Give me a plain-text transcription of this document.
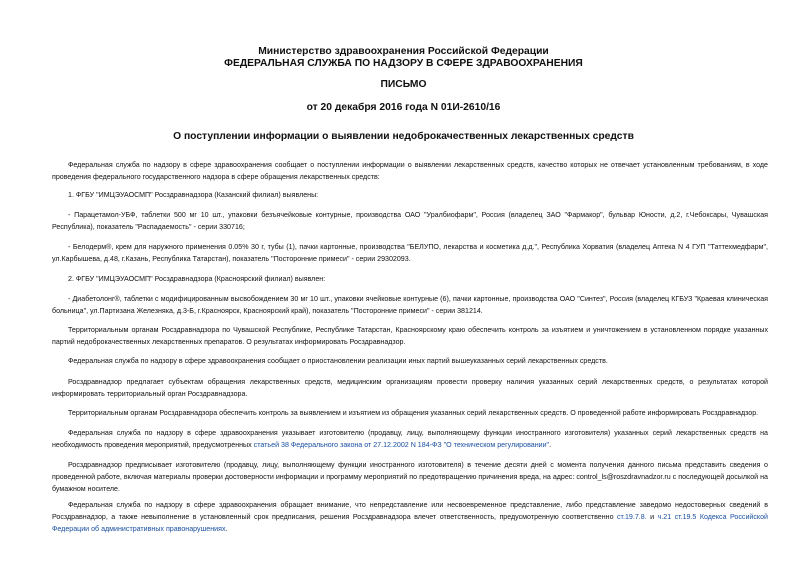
Министерство здравоохранения Российской Федерации
ФЕДЕРАЛЬНАЯ СЛУЖБА ПО НАДЗОРУ В СФЕРЕ ЗДРАВООХРАНЕНИЯ
ПИСЬМО
от 20 декабря 2016 года N 01И-2610/16
О поступлении информации о выявлении недоброкачественных лекарственных средств
Федеральная служба по надзору в сфере здравоохранения сообщает о поступлении информации о выявлении лекарственных средств, качество которых не отвечает установленным требованиям, в ходе проведения федерального государственного надзора в сфере обращения лекарственных средств:
1. ФГБУ "ИМЦЭУАОСМП" Росздравнадзора (Казанский филиал) выявлены:
- Парацетамол-УБФ, таблетки 500 мг 10 шт., упаковки безъячейковые контурные, производства ОАО "Уралбиофарм", Россия (владелец ЗАО "Фармакор", бульвар Юности, д.2, г.Чебоксары, Чувашская Республика), показатель "Распадаемость" - серии 330716;
- Белодерм®, крем для наружного применения 0.05% 30 г, тубы (1), пачки картонные, производства "БЕЛУПО, лекарства и косметика д.д.", Республика Хорватия (владелец Аптека N 4 ГУП "Таттехмедфарм", ул.Карбышева, д.48, г.Казань, Республика Татарстан), показатель "Посторонние примеси" - серии 29302093.
2. ФГБУ "ИМЦЭУАОСМП" Росздравнадзора (Красноярский филиал) выявлен:
- Диабетолонг®, таблетки с модифицированным высвобождением 30 мг 10 шт., упаковки ячейковые контурные (6), пачки картонные, производства ОАО "Синтез", Россия (владелец КГБУЗ "Краевая клиническая больница", ул.Партизана Железняка, д.3-Б, г.Красноярск, Красноярский край), показатель "Посторонние примеси" - серии 381214.
Территориальным органам Росздравнадзора по Чувашской Республике, Республике Татарстан, Красноярскому краю обеспечить контроль за изъятием и уничтожением в установленном порядке указанных партий недоброкачественных лекарственных препаратов. О результатах информировать Росздравнадзор.
Федеральная служба по надзору в сфере здравоохранения сообщает о приостановлении реализации иных партий вышеуказанных серий лекарственных средств.
Росздравнадзор предлагает субъектам обращения лекарственных средств, медицинским организациям провести проверку наличия указанных серий лекарственных средств, о результатах которой информировать территориальный орган Росздравнадзора.
Территориальным органам Росздравнадзора обеспечить контроль за выявлением и изъятием из обращения указанных серий лекарственных средств. О проведенной работе информировать Росздравнадзор.
Федеральная служба по надзору в сфере здравоохранения указывает изготовителю (продавцу, лицу, выполняющему функции иностранного изготовителя) указанных серий лекарственных средств на необходимость проведения мероприятий, предусмотренных статьей 38 Федерального закона от 27.12.2002 N 184-ФЗ "О техническом регулировании".
Росздравнадзор предписывает изготовителю (продавцу, лицу, выполняющему функции иностранного изготовителя) в течение десяти дней с момента получения данного письма представить сведения о проведенной работе, включая материалы проверки достоверности информации и программу мероприятий по предотвращению причинения вреда, на адрес: control_ls@roszdravnadzor.ru с последующей досылкой на бумажном носителе.
Федеральная служба по надзору в сфере здравоохранения обращает внимание, что непредставление или несвоевременное представление, либо представление заведомо недостоверных сведений в Росздравнадзор, а также невыполнение в установленный срок предписания, решения Росздравнадзора влечет ответственность, предусмотренную соответственно ст.19.7.8. и ч.21 ст.19.5 Кодекса Российской Федерации об административных правонарушениях.
